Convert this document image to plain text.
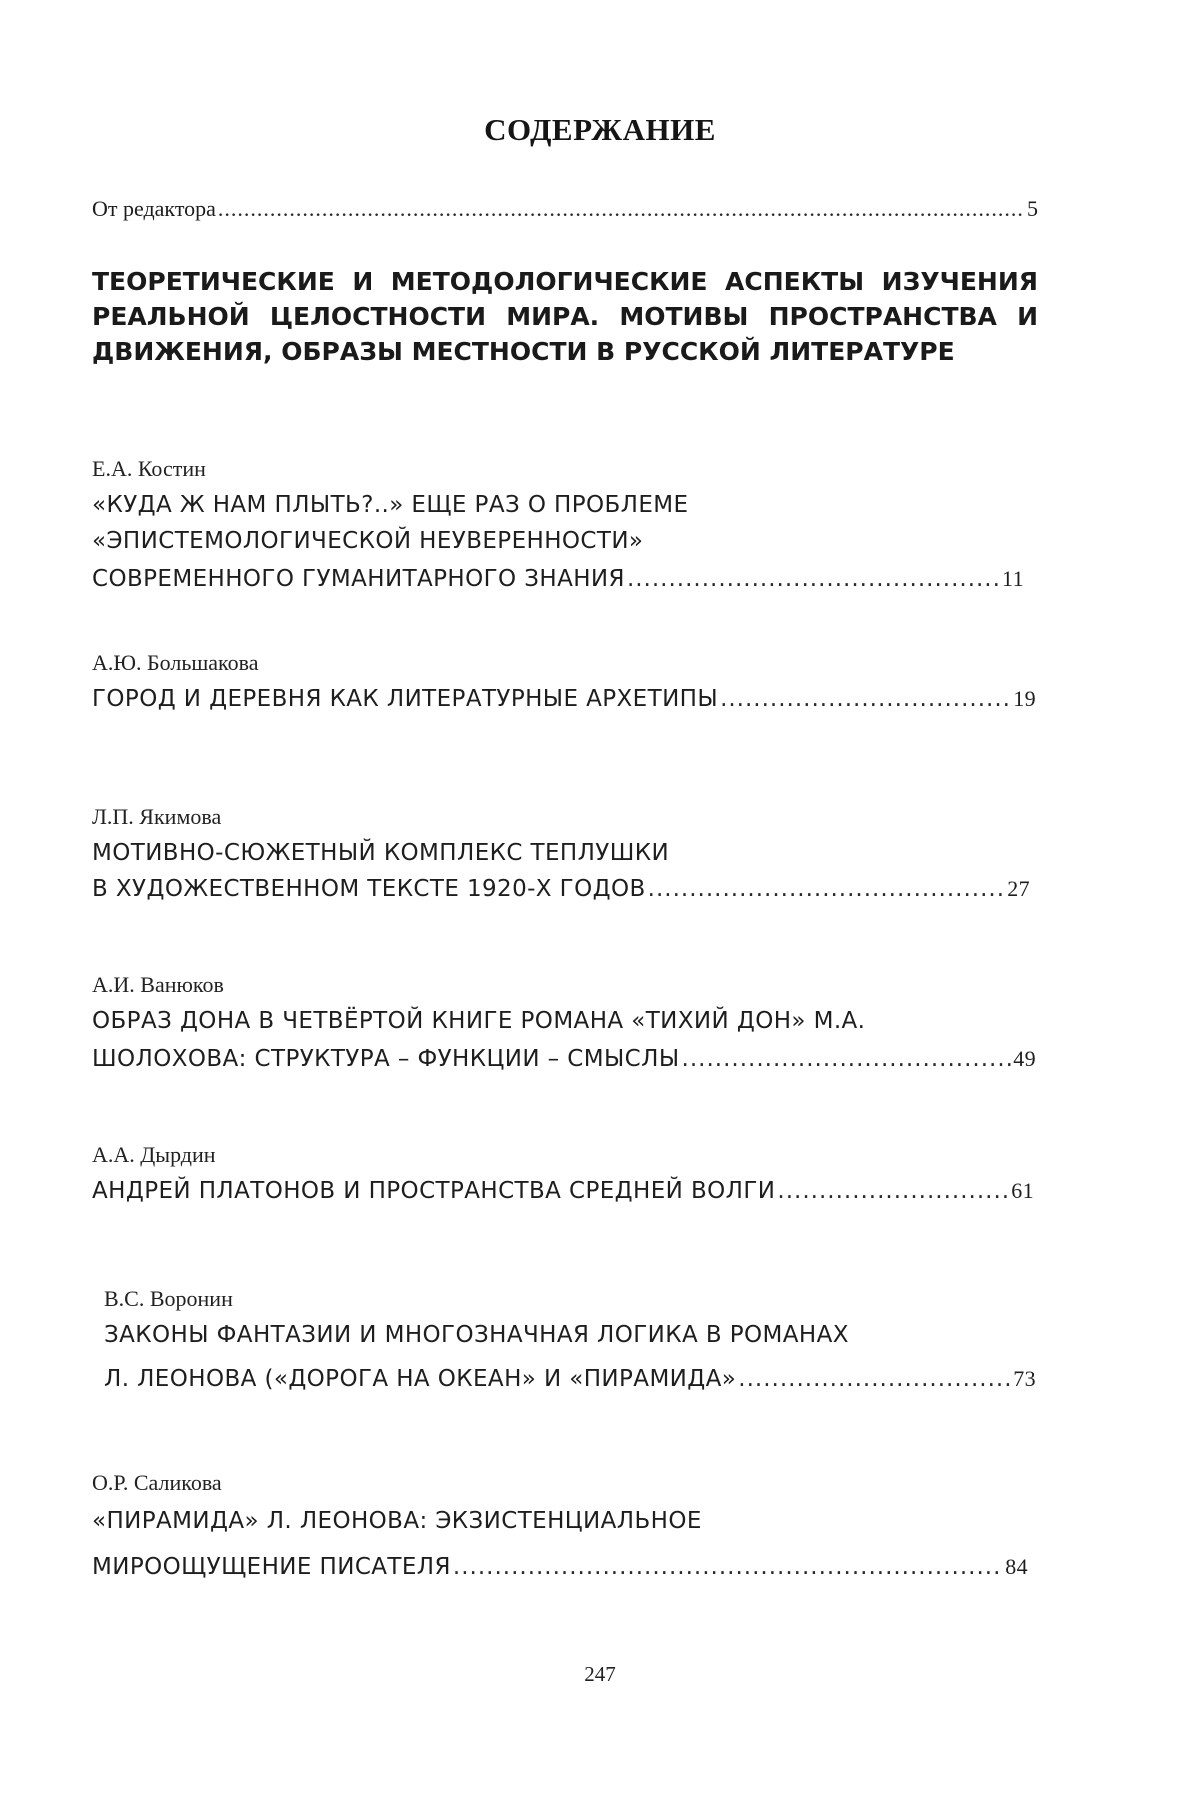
СОДЕРЖАНИЕ
От редактора .....	5
ТЕОРЕТИЧЕСКИЕ И МЕТОДОЛОГИЧЕСКИЕ АСПЕКТЫ ИЗУЧЕНИЯ РЕАЛЬНОЙ ЦЕЛОСТНОСТИ МИРА. МОТИВЫ ПРОСТРАНСТВА И ДВИЖЕНИЯ, ОБРАЗЫ МЕСТНОСТИ В РУССКОЙ ЛИТЕРАТУРЕ
Е.А. Костин
«КУДА Ж НАМ ПЛЫТЬ?..» ЕЩЕ РАЗ О ПРОБЛЕМЕ
«ЭПИСТЕМОЛОГИЧЕСКОЙ НЕУВЕРЕННОСТИ»
СОВРЕМЕННОГО ГУМАНИТАРНОГО ЗНАНИЯ .....	11
А.Ю. Большакова
ГОРОД И ДЕРЕВНЯ КАК ЛИТЕРАТУРНЫЕ АРХЕТИПЫ .....	19
Л.П. Якимова
МОТИВНО-СЮЖЕТНЫЙ КОМПЛЕКС ТЕПЛУШКИ
В ХУДОЖЕСТВЕННОМ ТЕКСТЕ 1920-Х ГОДОВ .....	27
А.И. Ванюков
ОБРАЗ ДОНА В ЧЕТВЁРТОЙ КНИГЕ РОМАНА «ТИХИЙ ДОН» М.А.
ШОЛОХОВА: СТРУКТУРА – ФУНКЦИИ – СМЫСЛЫ .....	49
А.А. Дырдин
АНДРЕЙ ПЛАТОНОВ И ПРОСТРАНСТВА СРЕДНЕЙ ВОЛГИ .....	61
В.С. Воронин
ЗАКОНЫ ФАНТАЗИИ И МНОГОЗНАЧНАЯ ЛОГИКА В РОМАНАХ
Л. ЛЕОНОВА («ДОРОГА НА ОКЕАН» И «ПИРАМИДА» .....	73
О.Р. Саликова
«ПИРАМИДА» Л. ЛЕОНОВА: ЭКЗИСТЕНЦИАЛЬНОЕ
МИРООЩУЩЕНИЕ ПИСАТЕЛЯ .....	84
247
